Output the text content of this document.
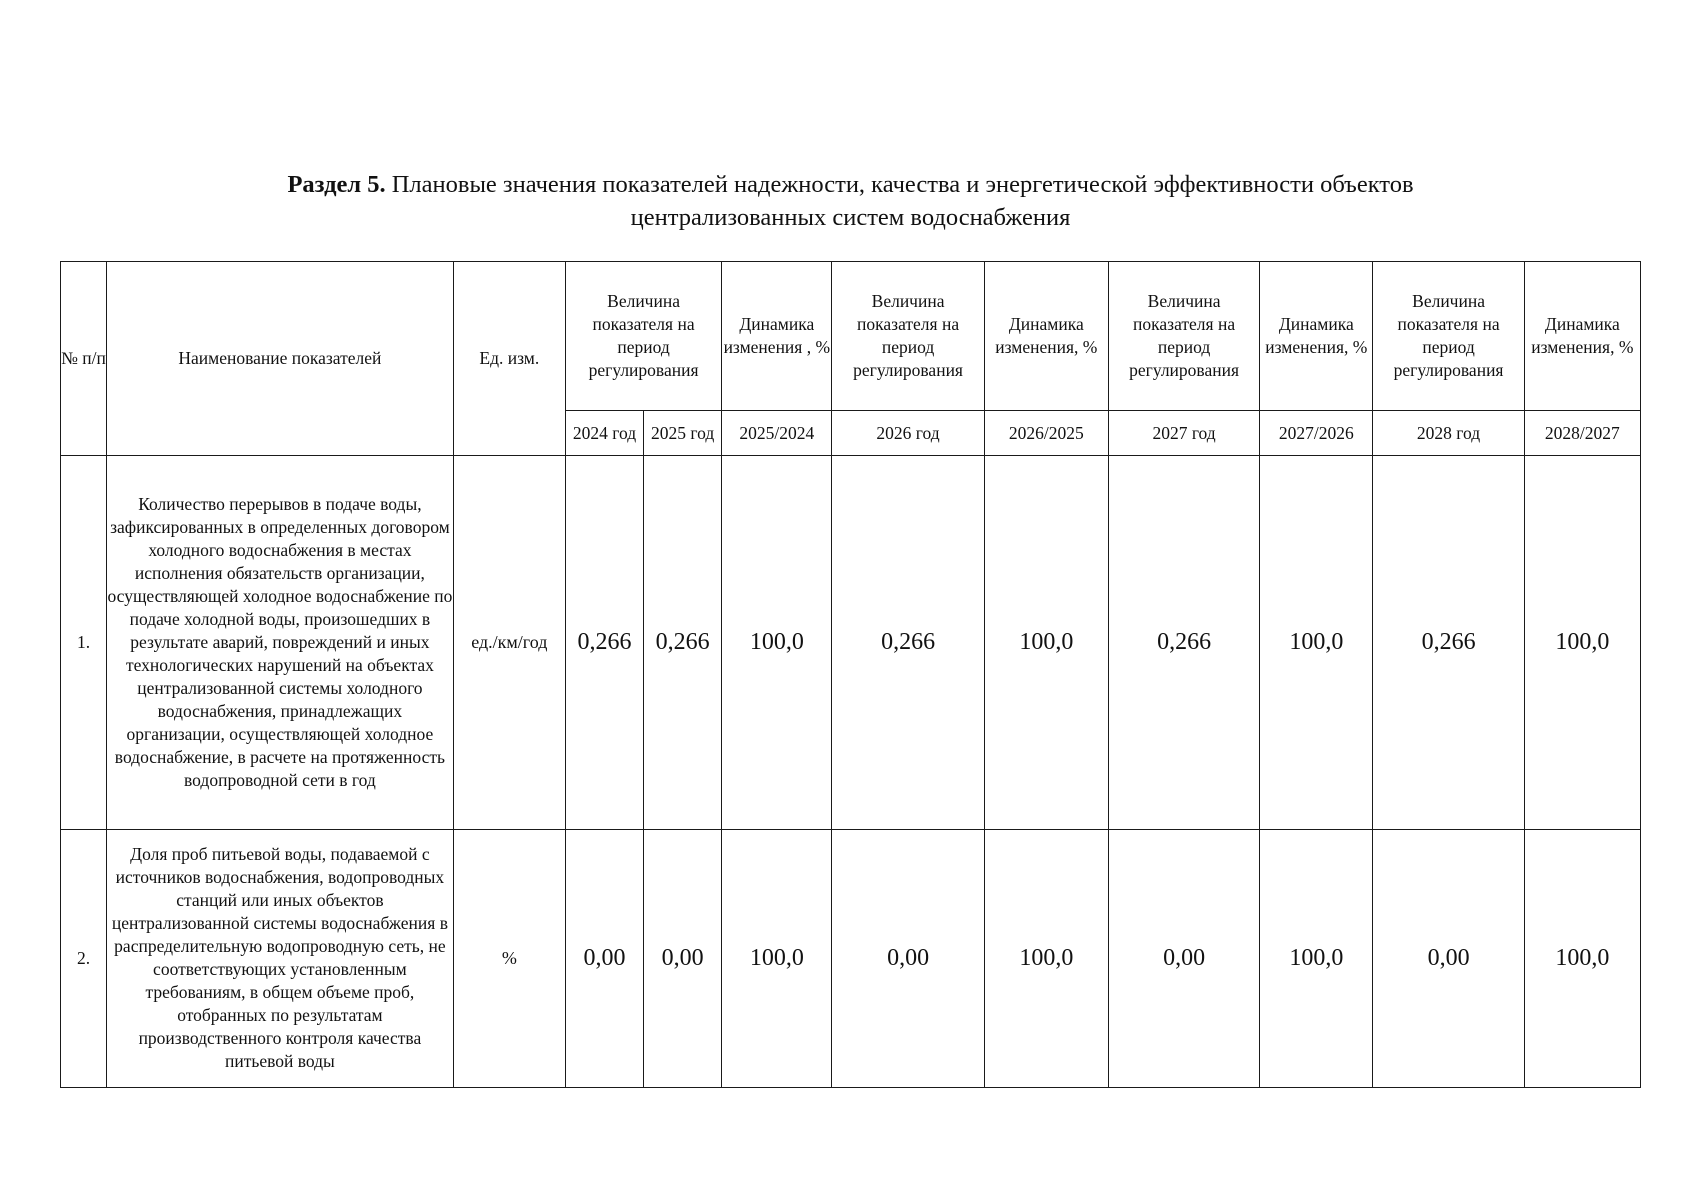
Раздел 5. Плановые значения показателей надежности, качества и энергетической эффективности объектов
централизованных систем водоснабжения
№ п/п	Наименование показателей	Ед. изм.	Величина показателя на период регулирования		Динамика изменения , %	Величина показателя на период регулирования	Динамика изменения, %	Величина показателя на период регулирования	Динамика изменения, %	Величина показателя на период регулирования	Динамика изменения, %
			2024 год	2025 год	2025/2024	2026 год	2026/2025	2027 год	2027/2026	2028 год	2028/2027
1.	Количество перерывов в подаче воды, зафиксированных в определенных договором холодного водоснабжения в местах исполнения обязательств организации, осуществляющей холодное водоснабжение по подаче холодной воды, произошедших в результате аварий, повреждений и иных технологических нарушений на объектах централизованной системы холодного водоснабжения, принадлежащих организации, осуществляющей холодное водоснабжение, в расчете на протяженность водопроводной сети в год	ед./км/год	0,266	0,266	100,0	0,266	100,0	0,266	100,0	0,266	100,0
2.	Доля проб питьевой воды, подаваемой с источников водоснабжения, водопроводных станций или иных объектов централизованной системы водоснабжения в распределительную водопроводную сеть, не соответствующих установленным требованиям, в общем объеме проб, отобранных по результатам производственного контроля качества питьевой воды	%	0,00	0,00	100,0	0,00	100,0	0,00	100,0	0,00	100,0
